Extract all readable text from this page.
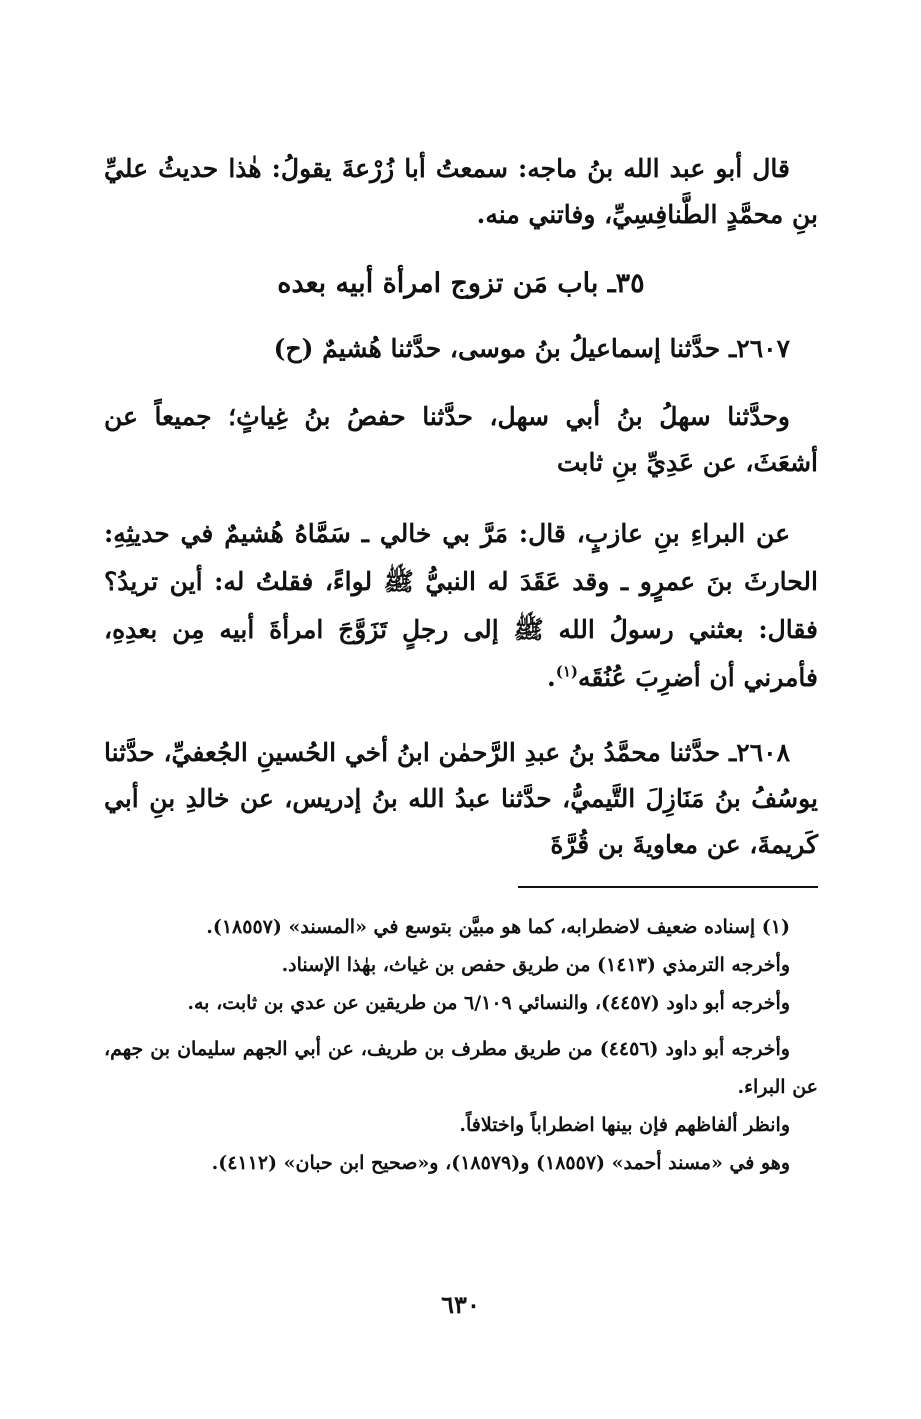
قال أبو عبد الله بنُ ماجه: سمعتُ أبا زُرْعةَ يقولُ: هٰذا حديثُ عليِّ بنِ محمَّدٍ الطَّنافِسِيِّ، وفاتني منه.

٣٥ـ باب مَن تزوج امرأة أبيه بعده

٢٦٠٧ـ حدَّثنا إسماعيلُ بنُ موسى، حدَّثنا هُشيمٌ (ح)

وحدَّثنا سهلُ بنُ أبي سهل، حدَّثنا حفصُ بنُ غِياثٍ؛ جميعاً عن أشعَثَ، عن عَدِيِّ بنِ ثابت

عن البراءِ بنِ عازبٍ، قال: مَرَّ بي خالي ـ سَمَّاهُ هُشيمٌ في حديثِهِ: الحارثَ بنَ عمرٍو ـ وقد عَقَدَ له النبيُّ ﷺ لواءً، فقلتُ له: أين تريدُ؟ فقال: بعثني رسولُ الله ﷺ إلى رجلٍ تَزَوَّجَ امرأةَ أبيه مِن بعدِهِ، فأمرني أن أضرِبَ عُنُقَه$^{(١)}$.

٢٦٠٨ـ حدَّثنا محمَّدُ بنُ عبدِ الرَّحمٰن ابنُ أخي الحُسينِ الجُعفيِّ، حدَّثنا يوسُفُ بنُ مَنَازِلَ التَّيميُّ، حدَّثنا عبدُ الله بنُ إدريس، عن خالدِ بنِ أبي كَريمةَ، عن معاويةَ بن قُرَّةَ

(١) إسناده ضعيف لاضطرابه، كما هو مبيَّن بتوسع في «المسند» (١٨٥٥٧).

وأخرجه الترمذي (١٤١٣) من طريق حفص بن غياث، بهٰذا الإسناد.

وأخرجه أبو داود (٤٤٥٧)، والنسائي ٦/١٠٩ من طريقين عن عدي بن ثابت، به.

وأخرجه أبو داود (٤٤٥٦) من طريق مطرف بن طريف، عن أبي الجهم سليمان بن جهم، عن البراء.

وانظر ألفاظهم فإن بينها اضطراباً واختلافاً.

وهو في «مسند أحمد» (١٨٥٥٧) و(١٨٥٧٩)، و«صحيح ابن حبان» (٤١١٢).

٦٣٠
